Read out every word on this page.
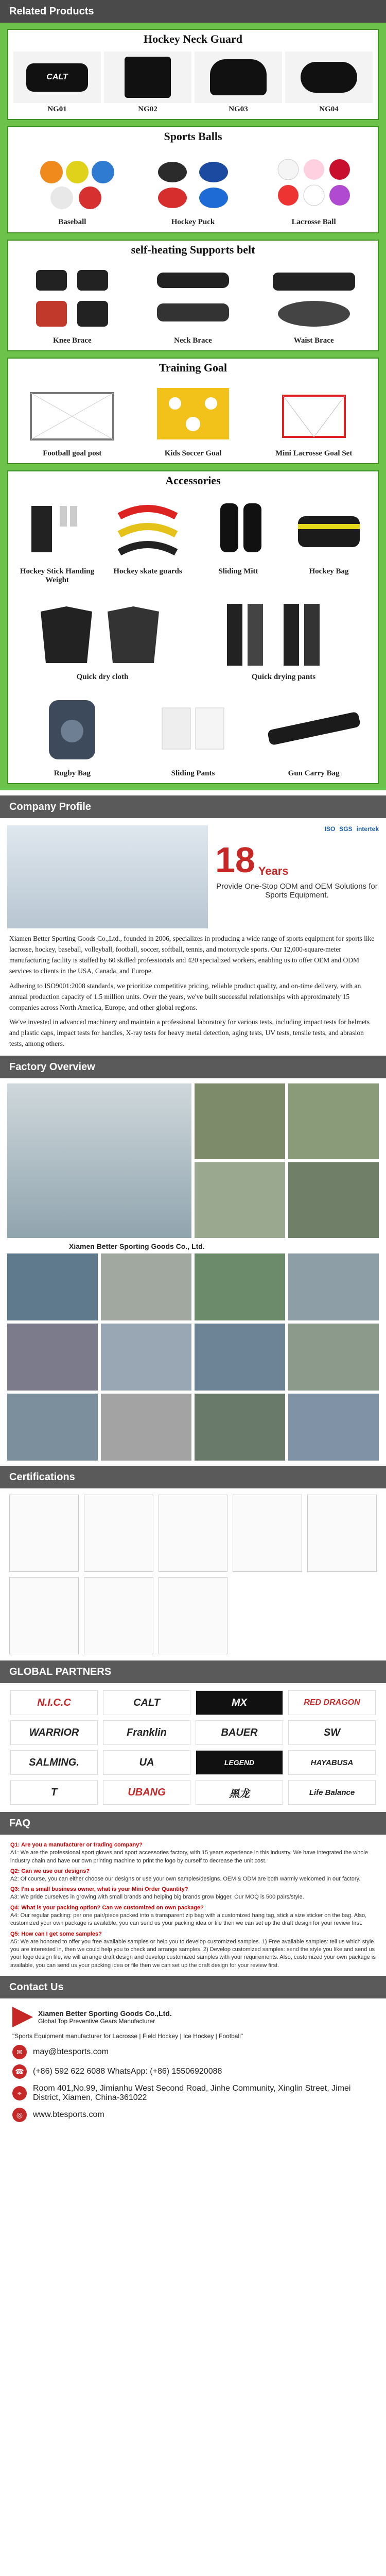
Related Products
Hockey Neck Guard
CALT
NG01	NG02	NG03	NG04
Sports Balls
Baseball	Hockey Puck	Lacrosse Ball
self-heating Supports belt
Knee Brace	Neck Brace	Waist Brace
Training Goal
Football goal post	Kids Soccer Goal	Mini Lacrosse Goal Set
Accessories
Hockey Stick Handing Weight
Hockey skate guards	Sliding Mitt	Hockey Bag
Quick dry cloth	Quick drying pants
Rugby Bag	Sliding Pants	Gun Carry Bag
Company Profile
ISO SGS intertek
18 Years
Provide One-Stop ODM and OEM Solutions for Sports Equipment.

Xiamen Better Sporting Goods Co.,Ltd., founded in 2006, specializes in producing a wide range of sports equipment for sports like lacrosse, hockey, baseball, volleyball, football, soccer, softball, tennis, and motorcycle sports. Our 12,000-square-meter manufacturing facility is staffed by 60 skilled professionals and 420 specialized workers, enabling us to offer OEM and ODM services to clients in the USA, Canada, and Europe.

Adhering to ISO9001:2008 standards, we prioritize competitive pricing, reliable product quality, and on-time delivery, with an annual production capacity of 1.5 million units. Over the years, we've built successful relationships with approximately 15 companies across North America, Europe, and other global regions.

We've invested in advanced machinery and maintain a professional laboratory for various tests, including impact tests for helmets and plastic caps, impact tests for handles, X-ray tests for heavy metal detection, aging tests, UV tests, tensile tests, and abrasion tests, among others.

Factory Overview
Xiamen Better Sporting Goods Co., Ltd.
Certifications
GLOBAL PARTNERS
N.I.C.C	CALT	MX	RED DRAGON
WARRIOR	Franklin	BAUER	SW
SALMING.	UA	LEGEND	HAYABUSA
T	UBANG	黑龙	Life Balance
FAQ
Q1: Are you a manufacturer or trading company?
A1: We are the professional sport gloves and sport accessories factory, with 15 years experience in this industry. We have integrated the whole industry chain and have our own printing machine to print the logo by ourself to decrease the unit cost.
Q2: Can we use our designs?
A2: Of course, you can either choose our designs or use your own samples/designs. OEM & ODM are both warmly welcomed in our factory.
Q3: I'm a small business owner, what is your Mini Order Quantity?
A3: We pride ourselves in growing with small brands and helping big brands grow bigger. Our MOQ is 500 pairs/style.
Q4: What is your packing option? Can we customized on own package?
A4: Our regular packing: per one pair/piece packed into a transparent zip bag with a customized hang tag, stick a size sticker on the bag. Also, customized your own package is available, you can send us your packing idea or file then we can set up the draft design for your review first.
Q5: How can I get some samples?
A5: We are honored to offer you free available samples or help you to develop customized samples. 1) Free available samples: tell us which style you are interested in, then we could help you to check and arrange samples. 2) Develop customized samples: send the style you like and send us your logo design file, we will arrange draft design and develop customized samples with your requirements. Also, customized your own package is available, you can send us your packing idea or file then we can set up the draft design for your review first.
Contact Us
Xiamen Better Sporting Goods Co.,Ltd.
Global Top Preventive Gears Manufacturer
"Sports Equipment manufacturer for Lacrosse | Field Hockey | Ice Hockey | Football"
✉	may@btesports.com
☎	(+86) 592 622 6088 WhatsApp: (+86) 15506920088
⌖
Room 401,No.99, Jimianhu West Second Road, Jinhe Community, Xinglin Street, Jimei District, Xiamen, China-361022
◎	www.btesports.com
